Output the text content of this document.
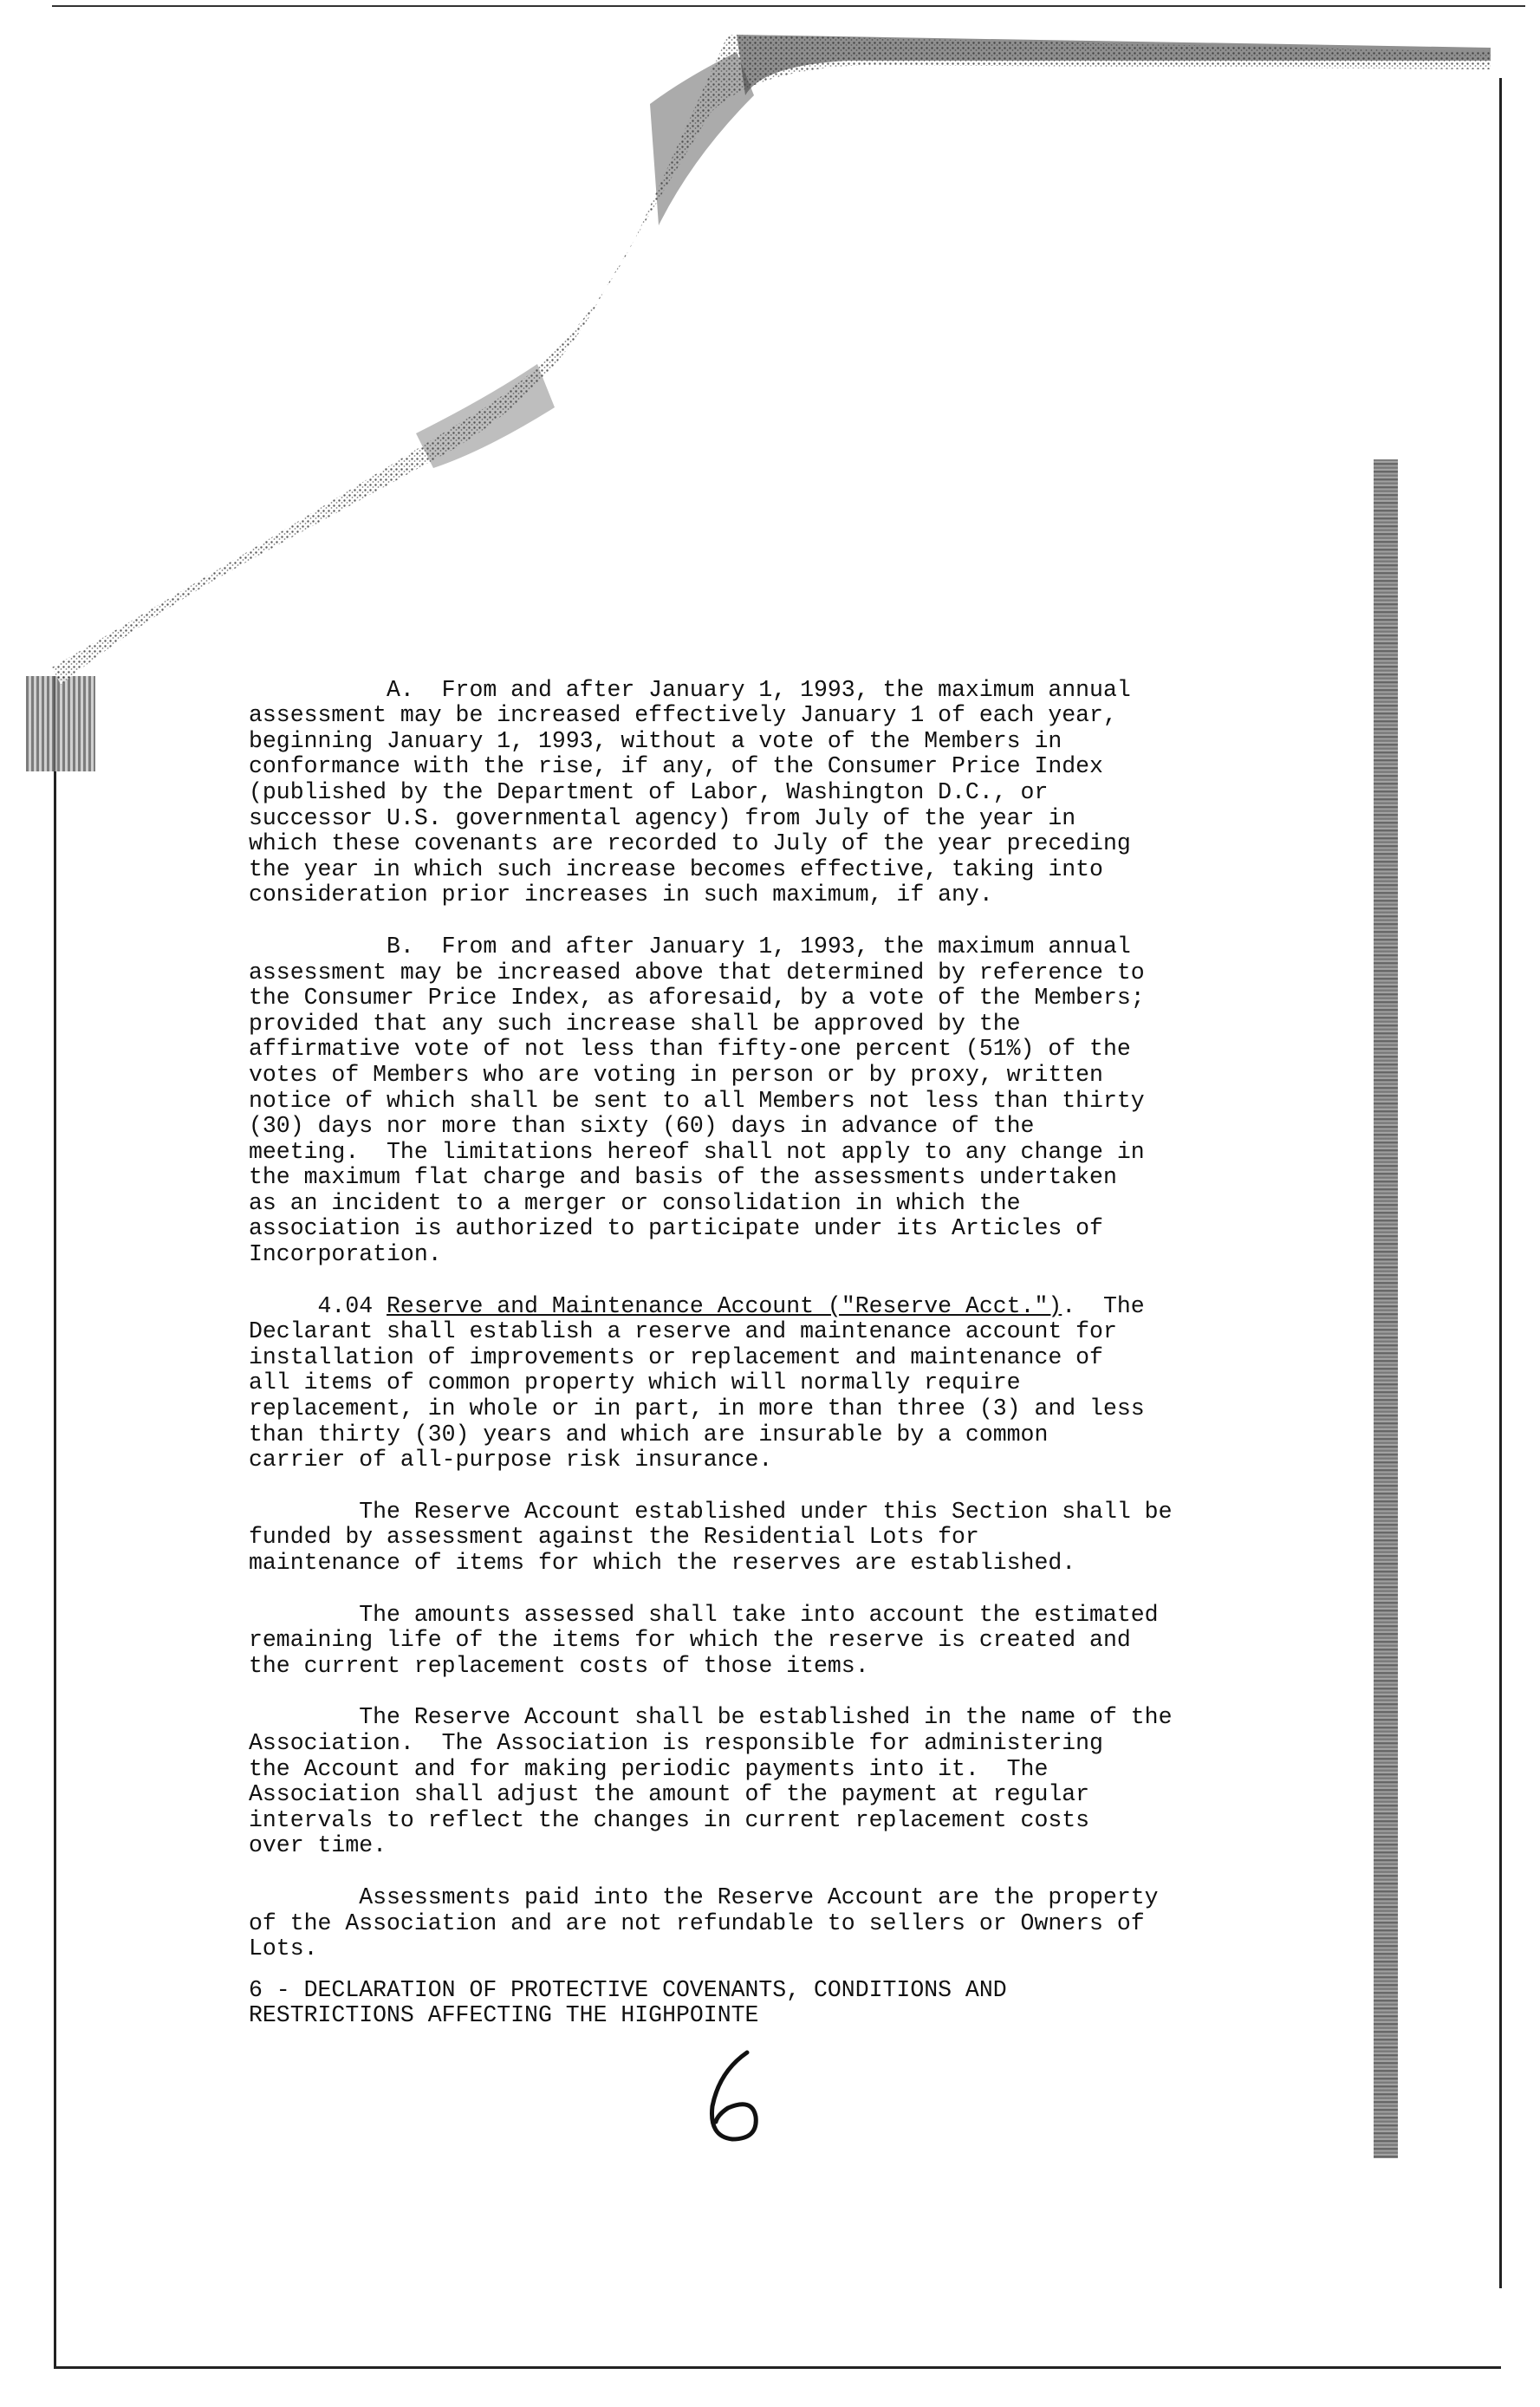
A.  From and after January 1, 1993, the maximum annual
assessment may be increased effectively January 1 of each year,
beginning January 1, 1993, without a vote of the Members in
conformance with the rise, if any, of the Consumer Price Index
(published by the Department of Labor, Washington D.C., or
successor U.S. governmental agency) from July of the year in
which these covenants are recorded to July of the year preceding
the year in which such increase becomes effective, taking into
consideration prior increases in such maximum, if any.
B.  From and after January 1, 1993, the maximum annual
assessment may be increased above that determined by reference to
the Consumer Price Index, as aforesaid, by a vote of the Members;
provided that any such increase shall be approved by the
affirmative vote of not less than fifty-one percent (51%) of the
votes of Members who are voting in person or by proxy, written
notice of which shall be sent to all Members not less than thirty
(30) days nor more than sixty (60) days in advance of the
meeting.  The limitations hereof shall not apply to any change in
the maximum flat charge and basis of the assessments undertaken
as an incident to a merger or consolidation in which the
association is authorized to participate under its Articles of
Incorporation.
4.04 Reserve and Maintenance Account ("Reserve Acct.").  The
Declarant shall establish a reserve and maintenance account for
installation of improvements or replacement and maintenance of
all items of common property which will normally require
replacement, in whole or in part, in more than three (3) and less
than thirty (30) years and which are insurable by a common
carrier of all-purpose risk insurance.
The Reserve Account established under this Section shall be
funded by assessment against the Residential Lots for
maintenance of items for which the reserves are established.
The amounts assessed shall take into account the estimated
remaining life of the items for which the reserve is created and
the current replacement costs of those items.
The Reserve Account shall be established in the name of the
Association.  The Association is responsible for administering
the Account and for making periodic payments into it.  The
Association shall adjust the amount of the payment at regular
intervals to reflect the changes in current replacement costs
over time.
Assessments paid into the Reserve Account are the property
of the Association and are not refundable to sellers or Owners of
Lots.
6 - DECLARATION OF PROTECTIVE COVENANTS, CONDITIONS AND
RESTRICTIONS AFFECTING THE HIGHPOINTE
